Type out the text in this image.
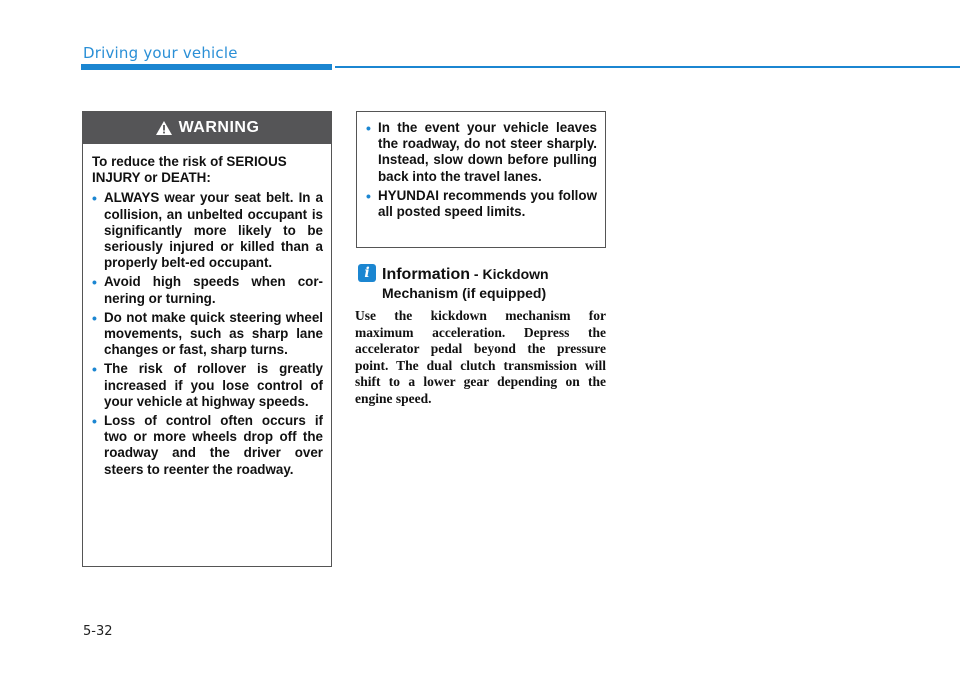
Driving your vehicle
WARNING

To reduce the risk of SERIOUS INJURY or DEATH:

• ALWAYS wear your seat belt. In a collision, an unbelted occupant is significantly more likely to be seriously injured or killed than a properly belt-ed occupant.
• Avoid high speeds when cor-nering or turning.
• Do not make quick steering wheel movements, such as sharp lane changes or fast, sharp turns.
• The risk of rollover is greatly increased if you lose control of your vehicle at highway speeds.
• Loss of control often occurs if two or more wheels drop off the roadway and the driver over steers to reenter the roadway.
• In the event your vehicle leaves the roadway, do not steer sharply. Instead, slow down before pulling back into the travel lanes.
• HYUNDAI recommends you follow all posted speed limits.
i Information - Kickdown Mechanism (if equipped)
Use the kickdown mechanism for maximum acceleration. Depress the accelerator pedal beyond the pressure point. The dual clutch transmission will shift to a lower gear depending on the engine speed.
5-32
